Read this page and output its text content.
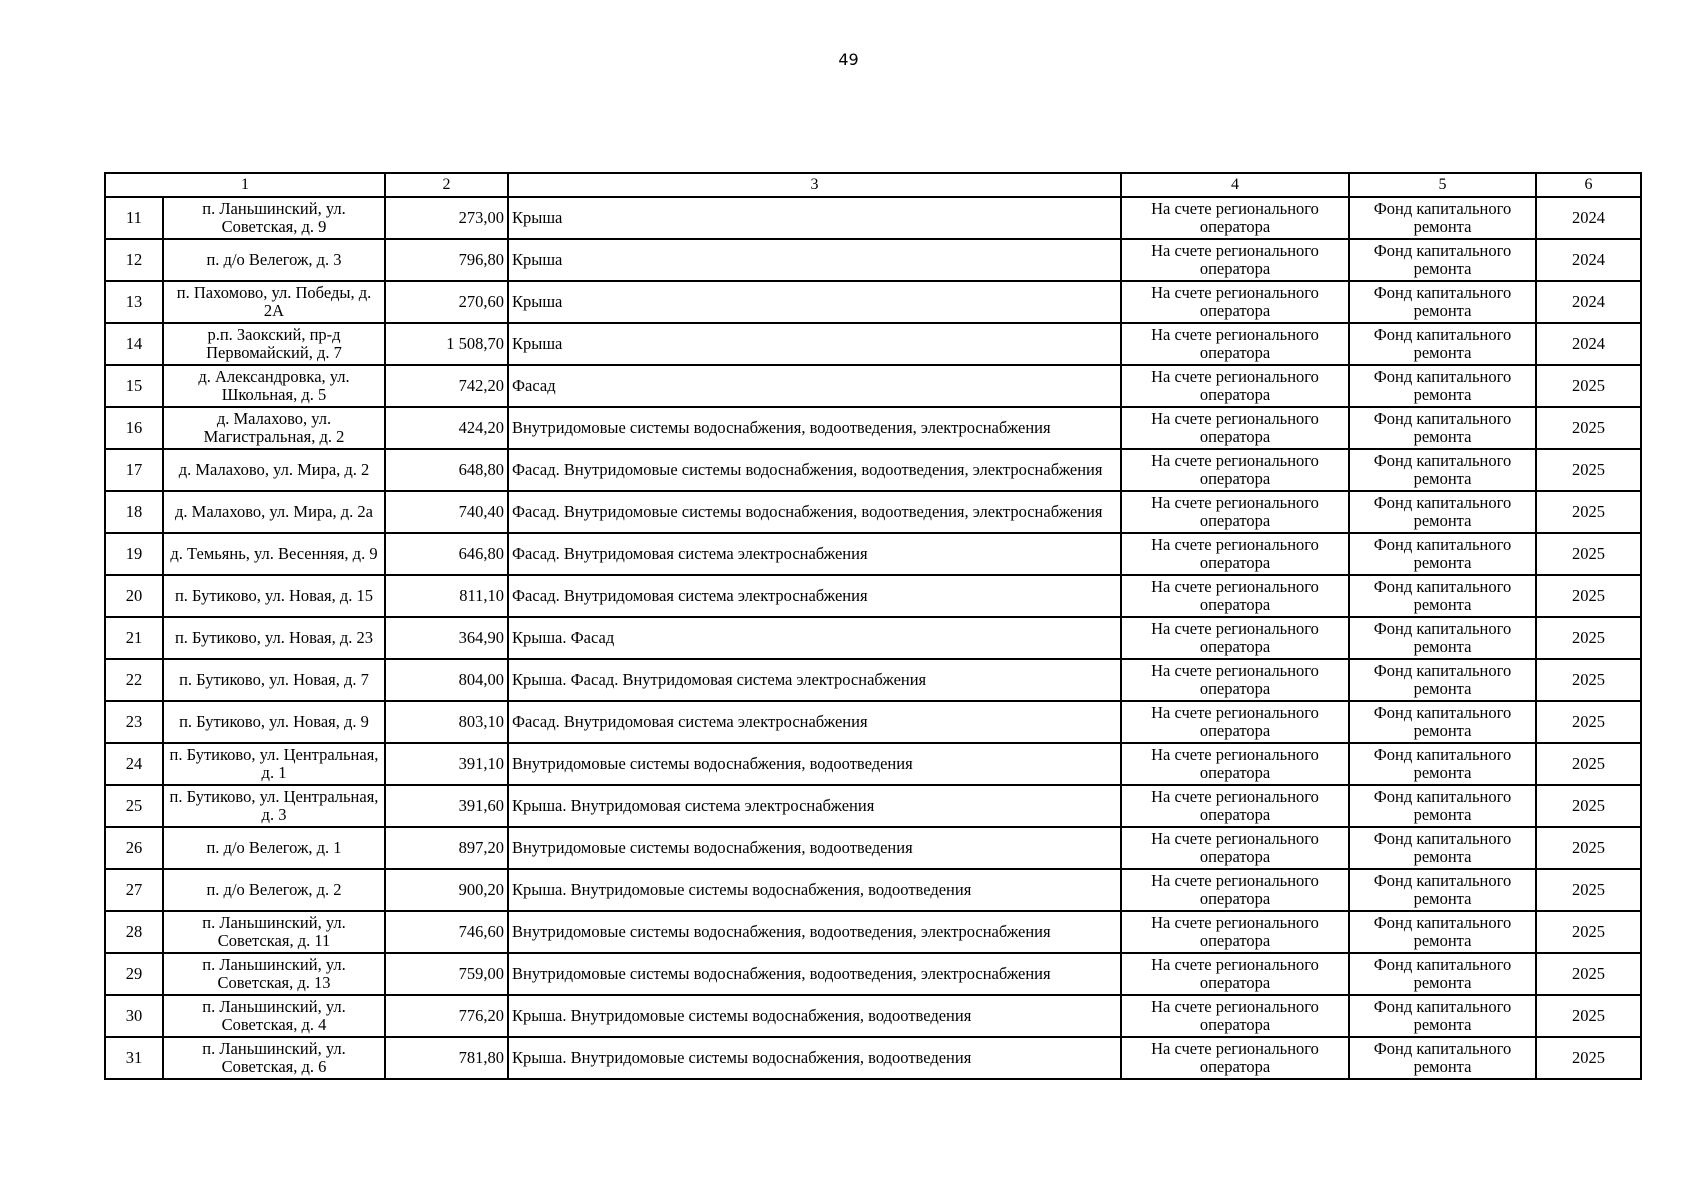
49
1		2	3	4	5	6
11	п. Ланьшинский, ул. Советская, д. 9	273,00	Крыша	На счете регионального оператора	Фонд капитального ремонта	2024
12	п. д/о Велегож, д. 3	796,80	Крыша	На счете регионального оператора	Фонд капитального ремонта	2024
13	п. Пахомово, ул. Победы, д. 2А	270,60	Крыша	На счете регионального оператора	Фонд капитального ремонта	2024
14	р.п. Заокский, пр-д Первомайский, д. 7	1 508,70	Крыша	На счете регионального оператора	Фонд капитального ремонта	2024
15	д. Александровка, ул. Школьная, д. 5	742,20	Фасад	На счете регионального оператора	Фонд капитального ремонта	2025
16	д. Малахово, ул. Магистральная, д. 2	424,20	Внутридомовые системы водоснабжения, водоотведения, электроснабжения	На счете регионального оператора	Фонд капитального ремонта	2025
17	д. Малахово, ул. Мира, д. 2	648,80	Фасад. Внутридомовые системы водоснабжения, водоотведения, электроснабжения	На счете регионального оператора	Фонд капитального ремонта	2025
18	д. Малахово, ул. Мира, д. 2а	740,40	Фасад. Внутридомовые системы водоснабжения, водоотведения, электроснабжения	На счете регионального оператора	Фонд капитального ремонта	2025
19	д. Темьянь, ул. Весенняя, д. 9	646,80	Фасад. Внутридомовая система электроснабжения	На счете регионального оператора	Фонд капитального ремонта	2025
20	п. Бутиково, ул. Новая, д. 15	811,10	Фасад. Внутридомовая система электроснабжения	На счете регионального оператора	Фонд капитального ремонта	2025
21	п. Бутиково, ул. Новая, д. 23	364,90	Крыша. Фасад	На счете регионального оператора	Фонд капитального ремонта	2025
22	п. Бутиково, ул. Новая, д. 7	804,00	Крыша. Фасад. Внутридомовая система электроснабжения	На счете регионального оператора	Фонд капитального ремонта	2025
23	п. Бутиково, ул. Новая, д. 9	803,10	Фасад. Внутридомовая система электроснабжения	На счете регионального оператора	Фонд капитального ремонта	2025
24	п. Бутиково, ул. Центральная, д. 1	391,10	Внутридомовые системы водоснабжения, водоотведения	На счете регионального оператора	Фонд капитального ремонта	2025
25	п. Бутиково, ул. Центральная, д. 3	391,60	Крыша. Внутридомовая система электроснабжения	На счете регионального оператора	Фонд капитального ремонта	2025
26	п. д/о Велегож, д. 1	897,20	Внутридомовые системы водоснабжения, водоотведения	На счете регионального оператора	Фонд капитального ремонта	2025
27	п. д/о Велегож, д. 2	900,20	Крыша. Внутридомовые системы водоснабжения, водоотведения	На счете регионального оператора	Фонд капитального ремонта	2025
28	п. Ланьшинский, ул. Советская, д. 11	746,60	Внутридомовые системы водоснабжения, водоотведения, электроснабжения	На счете регионального оператора	Фонд капитального ремонта	2025
29	п. Ланьшинский, ул. Советская, д. 13	759,00	Внутридомовые системы водоснабжения, водоотведения, электроснабжения	На счете регионального оператора	Фонд капитального ремонта	2025
30	п. Ланьшинский, ул. Советская, д. 4	776,20	Крыша. Внутридомовые системы водоснабжения, водоотведения	На счете регионального оператора	Фонд капитального ремонта	2025
31	п. Ланьшинский, ул. Советская, д. 6	781,80	Крыша. Внутридомовые системы водоснабжения, водоотведения	На счете регионального оператора	Фонд капитального ремонта	2025
